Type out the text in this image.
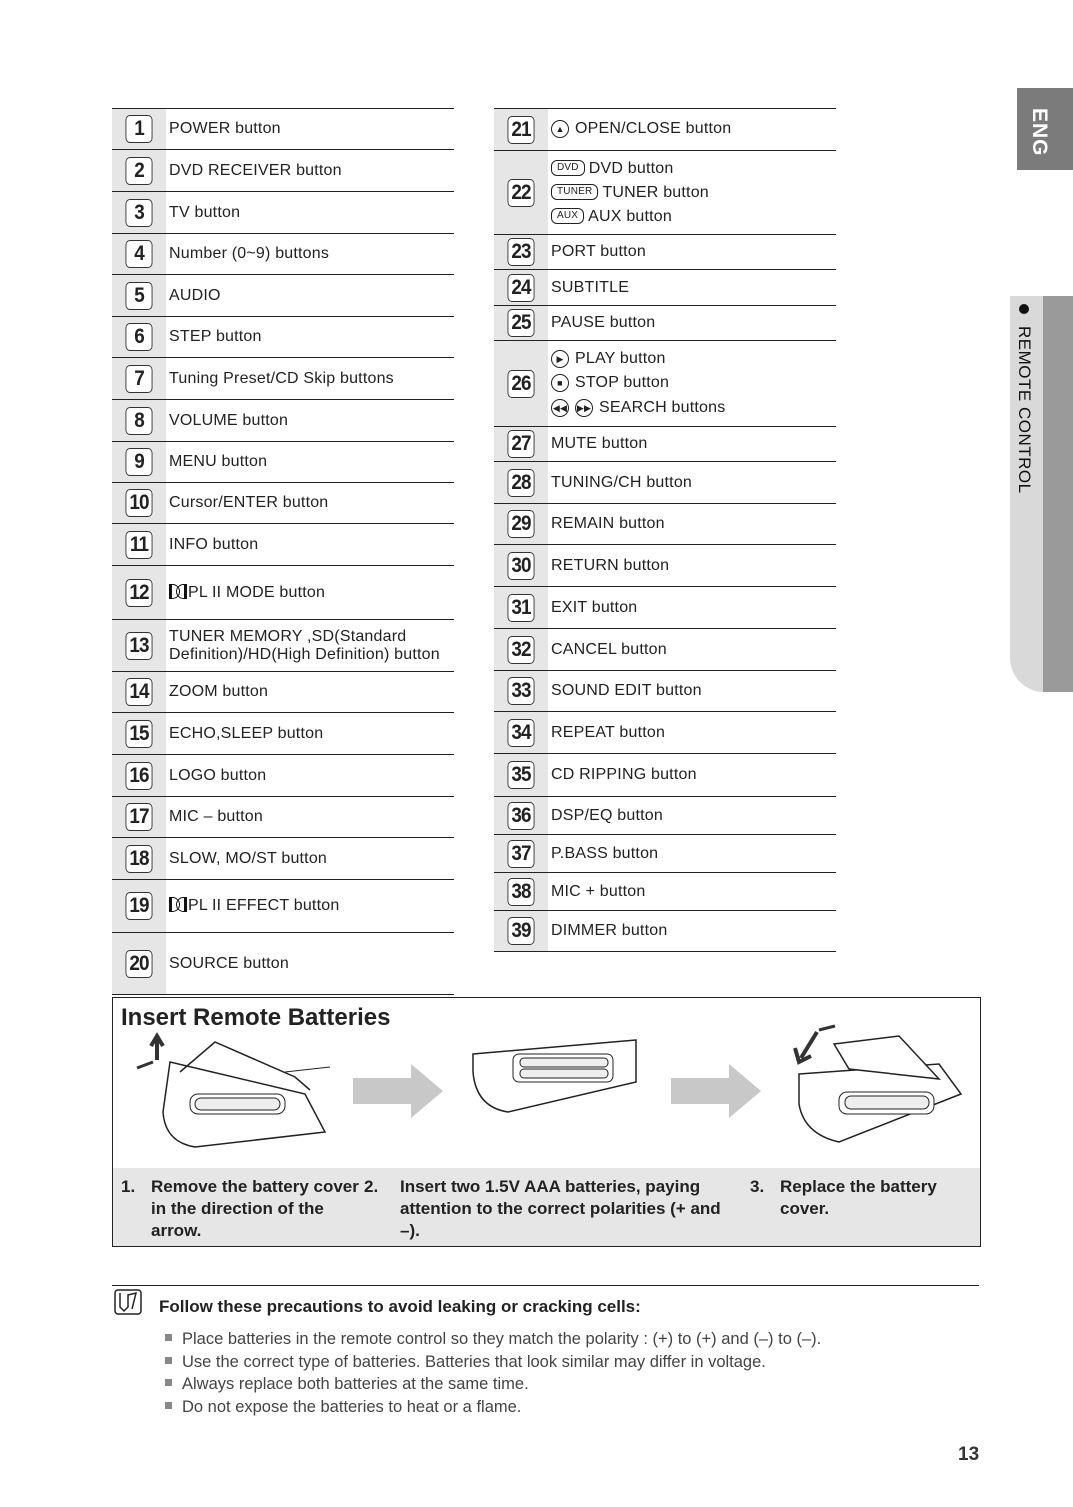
ENG
REMOTE CONTROL
1	POWER button

2	DVD RECEIVER button

3	TV button

4	Number (0~9) buttons

5	AUDIO

6	STEP button

7	Tuning Preset/CD Skip buttons

8	VOLUME button

9	MENU button

10	Cursor/ENTER button

11	INFO button

12	PL II MODE button

13	TUNER MEMORY ,SD(Standard Definition)/HD(High Definition) button

14	ZOOM button

15	ECHO,SLEEP button

16	LOGO button

17	MIC – button

18	SLOW, MO/ST button

19	PL II EFFECT button

20	SOURCE button
21	▲ OPEN/CLOSE button

22	DVD DVD button
TUNER TUNER button
AUX AUX button

23	PORT button

24	SUBTITLE

25	PAUSE button

26	▶ PLAY button
■ STOP button
◀◀ ▶▶ SEARCH buttons

27	MUTE button

28	TUNING/CH button

29	REMAIN button

30	RETURN button

31	EXIT button

32	CANCEL button

33	SOUND EDIT button

34	REPEAT button

35	CD RIPPING button

36	DSP/EQ button

37	P.BASS button

38	MIC + button

39	DIMMER button
Insert Remote Batteries
1. Remove the battery cover in the direction of the arrow.
2. Insert two 1.5V AAA batteries, paying attention to the correct polarities (+ and –).
3. Replace the battery cover.
Follow these precautions to avoid leaking or cracking cells:
Place batteries in the remote control so they match the polarity : (+) to (+) and (–) to (–).
Use the correct type of batteries. Batteries that look similar may differ in voltage.
Always replace both batteries at the same time.
Do not expose the batteries to heat or a flame.
13
